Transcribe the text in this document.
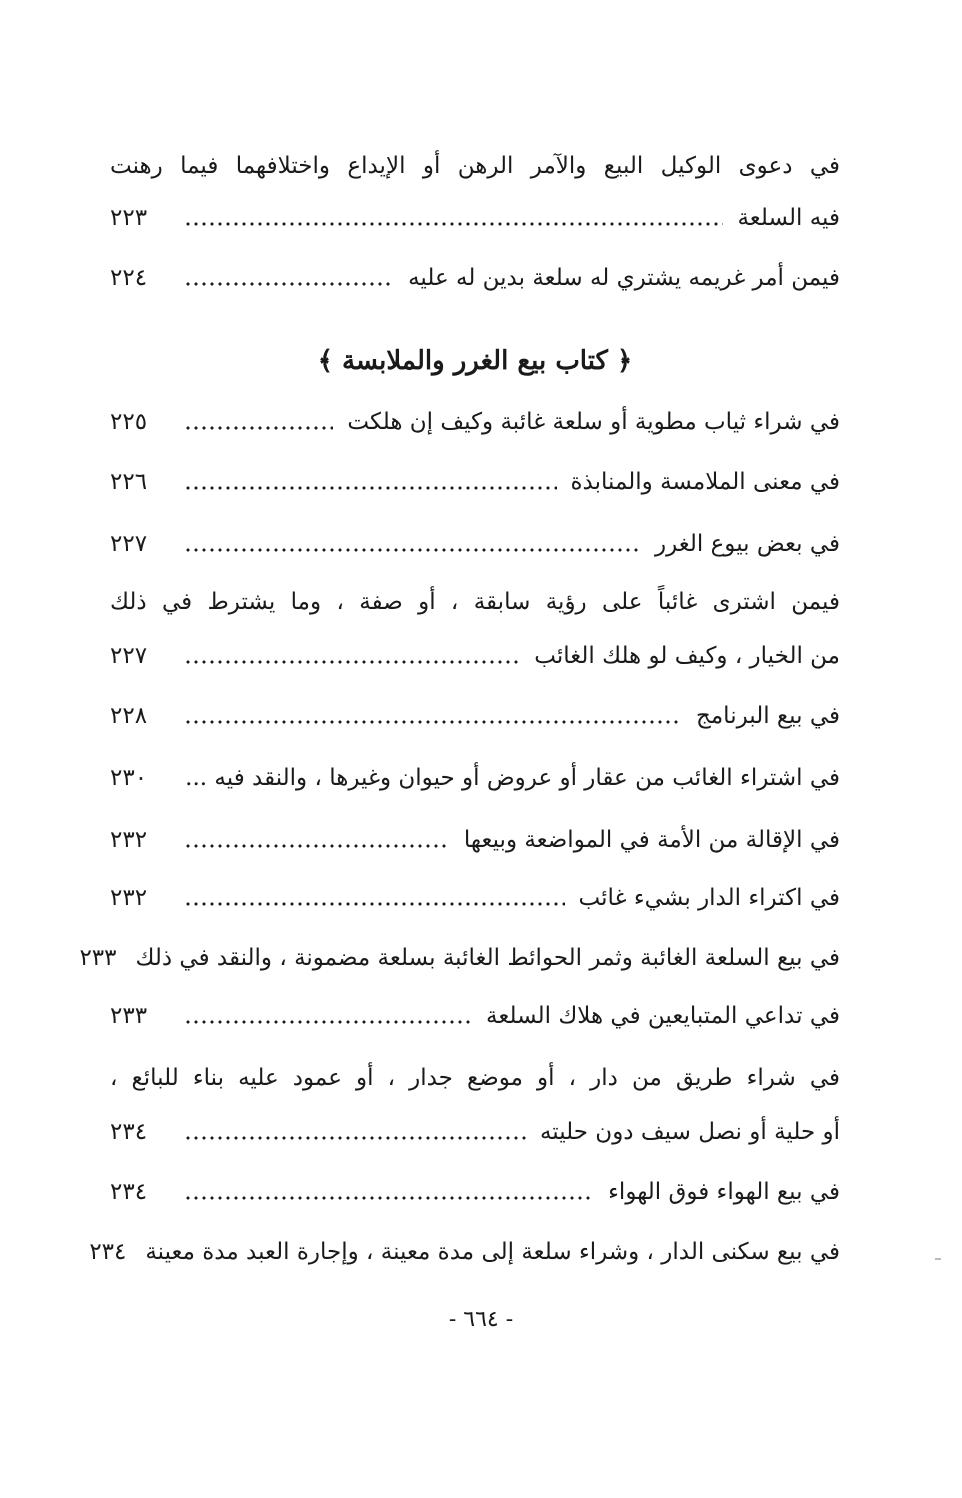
في دعوى الوكيل البيع والآمر الرهن أو الإيداع واختلافهما فيما رهنت
فيه السلعة
٢٢٣
فيمن أمر غريمه يشتري له سلعة بدين له عليه
٢٢٤
﴿ كتاب بيع الغرر والملابسة ﴾
في شراء ثياب مطوية أو سلعة غائبة وكيف إن هلكت
٢٢٥
في معنى الملامسة والمنابذة
٢٢٦
في بعض بيوع الغرر
٢٢٧
فيمن اشترى غائباً على رؤية سابقة ، أو صفة ، وما يشترط في ذلك
من الخيار ، وكيف لو هلك الغائب
٢٢٧
في بيع البرنامج
٢٢٨
في اشتراء الغائب من عقار أو عروض أو حيوان وغيرها ، والنقد فيه ...
٢٣٠
في الإقالة من الأمة في المواضعة وبيعها
٢٣٢
في اكتراء الدار بشيء غائب
٢٣٢
في بيع السلعة الغائبة وثمر الحوائط الغائبة بسلعة مضمونة ، والنقد في ذلك
٢٣٣
في تداعي المتبايعين في هلاك السلعة
٢٣٣
في شراء طريق من دار ، أو موضع جدار ، أو عمود عليه بناء للبائع ،
أو حلية أو نصل سيف دون حليته
٢٣٤
في بيع الهواء فوق الهواء
٢٣٤
في بيع سكنى الدار ، وشراء سلعة إلى مدة معينة ، وإجارة العبد مدة معينة
٢٣٤
- ٦٦٤ -
